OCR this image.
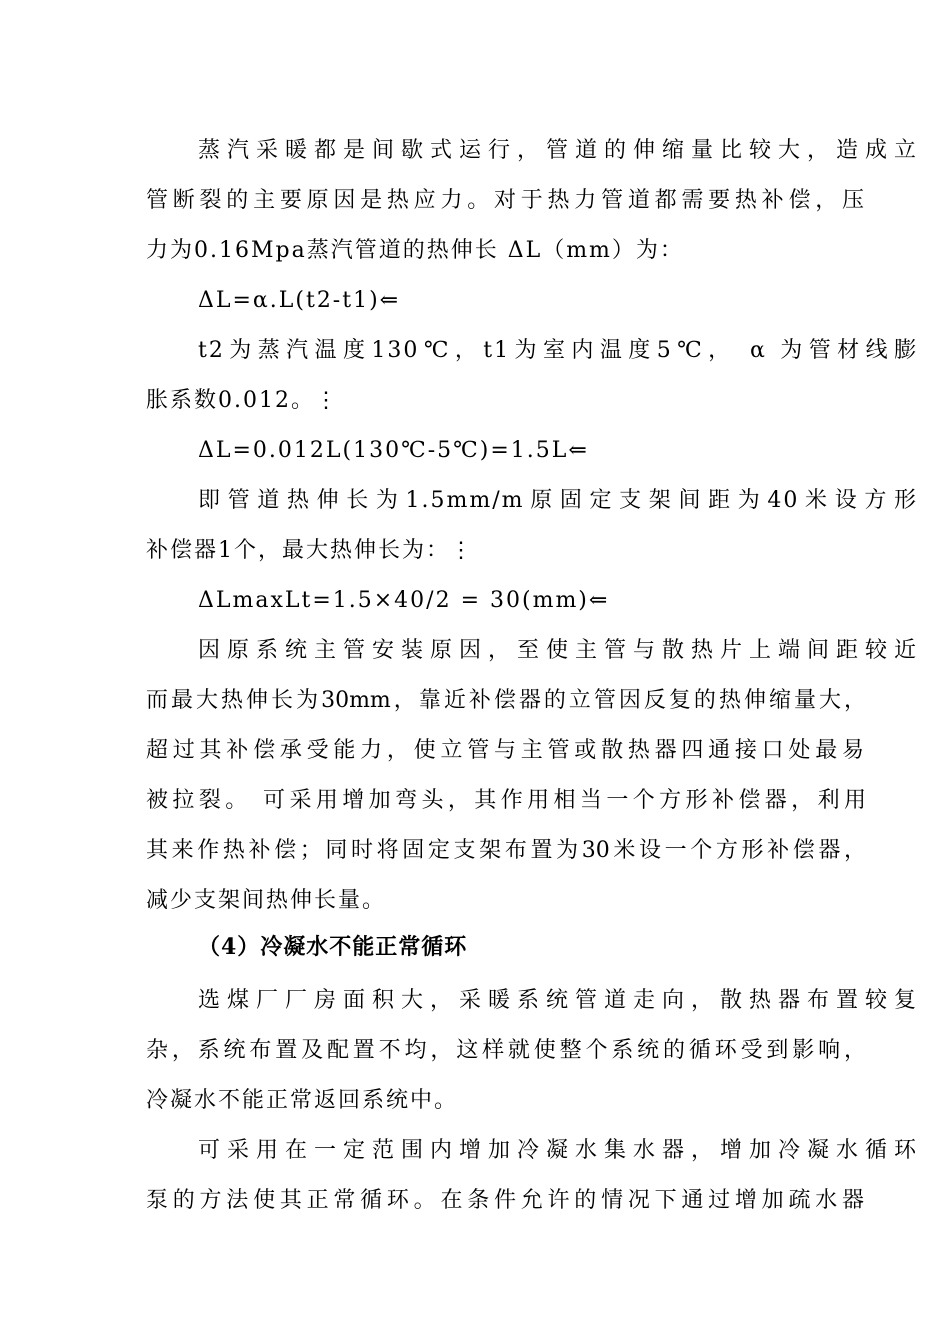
蒸汽采暖都是间歇式运行，管道的伸缩量比较大，造成立
管断裂的主要原因是热应力。对于热力管道都需要热补偿，压
力为0.16Mpa蒸汽管道的热伸长 ΔL（mm）为：
ΔL=α.L(t2-t1)⇐
t2为蒸汽温度130℃，t1为室内温度5℃， α 为管材线膨
胀系数0.012。⋮
ΔL=0.012L(130℃-5℃)=1.5L⇐
即管道热伸长为1.5mm/m原固定支架间距为40米设方形
补偿器1个，最大热伸长为：⋮
ΔLmaxLt=1.5×40/2 = 30(mm)⇐
因原系统主管安装原因，至使主管与散热片上端间距较近
而最大热伸长为30mm，靠近补偿器的立管因反复的热伸缩量大，
超过其补偿承受能力，使立管与主管或散热器四通接口处最易
被拉裂。 可采用增加弯头，其作用相当一个方形补偿器，利用
其来作热补偿；同时将固定支架布置为30米设一个方形补偿器，
减少支架间热伸长量。
（4）冷凝水不能正常循环
选煤厂厂房面积大，采暖系统管道走向，散热器布置较复
杂，系统布置及配置不均，这样就使整个系统的循环受到影响，
冷凝水不能正常返回系统中。
可采用在一定范围内增加冷凝水集水器，增加冷凝水循环
泵的方法使其正常循环。在条件允许的情况下通过增加疏水器
